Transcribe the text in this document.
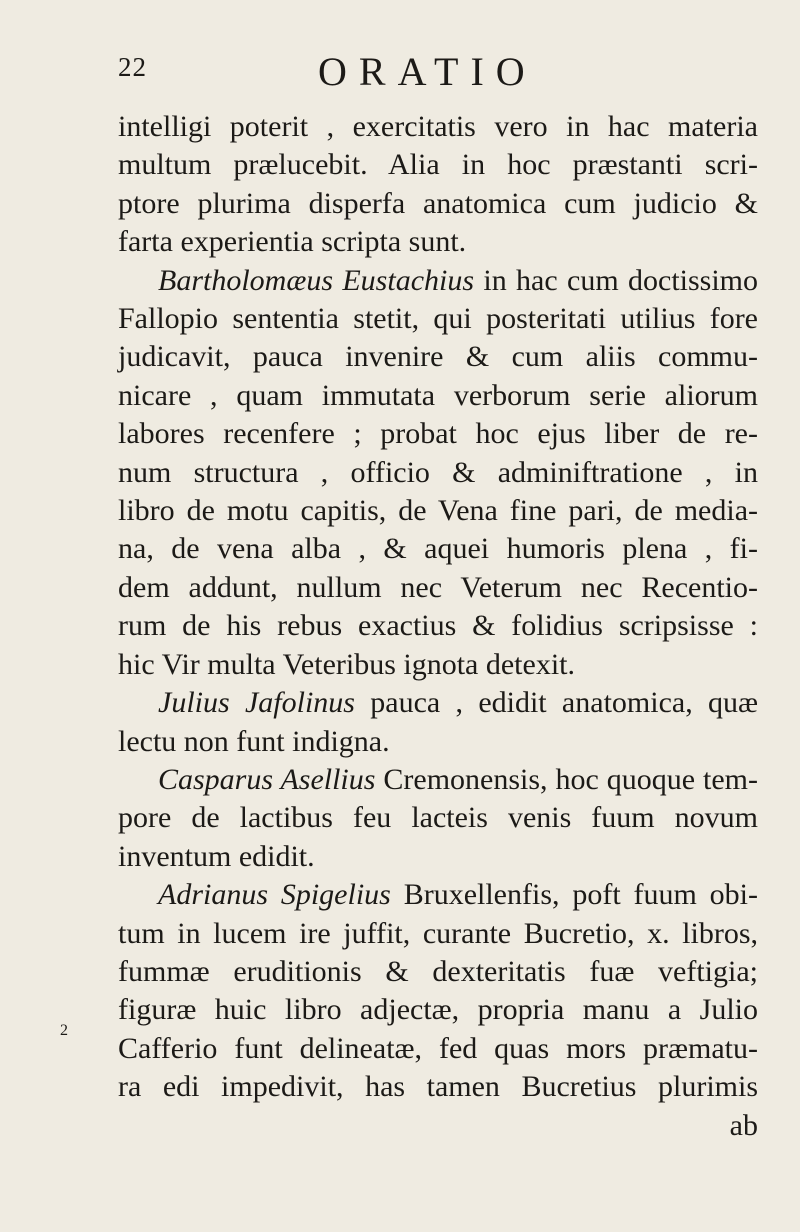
22	ORATIO
2
intelligi poterit , exercitatis vero in hac materia
multum prælucebit. Alia in hoc præstanti scri-
ptore plurima disperfa anatomica cum judicio &
farta experientia scripta sunt.
Bartholomæus Eustachius in hac cum doctissimo
Fallopio sententia stetit, qui posteritati utilius fore
judicavit, pauca invenire & cum aliis commu-
nicare , quam immutata verborum serie aliorum
labores recenfere ; probat hoc ejus liber de re-
num structura , officio & adminiftratione , in
libro de motu capitis, de Vena fine pari, de media-
na, de vena alba , & aquei humoris plena , fi-
dem addunt, nullum nec Veterum nec Recentio-
rum de his rebus exactius & folidius scripsisse :
hic Vir multa Veteribus ignota detexit.
Julius Jafolinus pauca , edidit anatomica, quæ
lectu non funt indigna.
Casparus Asellius Cremonensis, hoc quoque tem-
pore de lactibus feu lacteis venis fuum novum
inventum edidit.
Adrianus Spigelius Bruxellenfis, poft fuum obi-
tum in lucem ire juffit, curante Bucretio, x. libros,
fummæ eruditionis & dexteritatis fuæ veftigia;
figuræ huic libro adjectæ, propria manu a Julio
Cafferio funt delineatæ, fed quas mors præmatu-
ra edi impedivit, has tamen Bucretius plurimis
ab
